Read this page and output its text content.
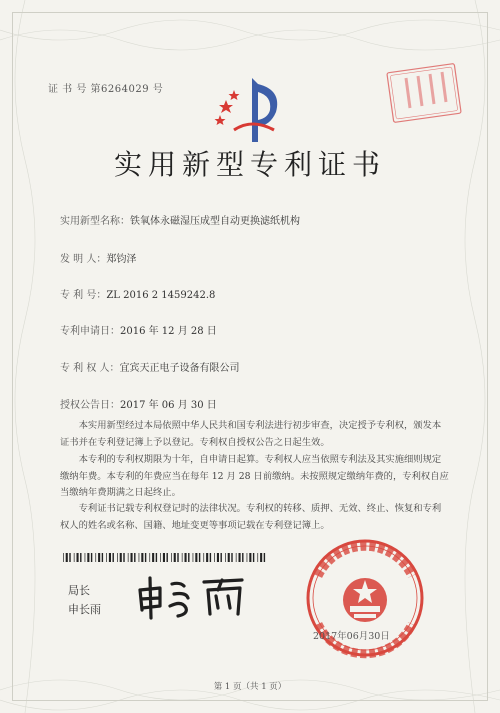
证 书 号 第6264029 号
实用新型专利证书
实用新型名称：铁氧体永磁湿压成型自动更换滤纸机构
发 明 人：郑钧泽
专 利 号：ZL 2016 2 1459242.8
专利申请日：2016 年 12 月 28 日
专 利 权 人：宜宾天正电子设备有限公司
授权公告日：2017 年 06 月 30 日
本实用新型经过本局依照中华人民共和国专利法进行初步审查，决定授予专利权，颁发本证书并在专利登记簿上予以登记。专利权自授权公告之日起生效。
本专利的专利权期限为十年，自申请日起算。专利权人应当依照专利法及其实施细则规定缴纳年费。本专利的年费应当在每年 12 月 28 日前缴纳。未按照规定缴纳年费的，专利权自应当缴纳年费期满之日起终止。
专利证书记载专利权登记时的法律状况。专利权的转移、质押、无效、终止、恢复和专利权人的姓名或名称、国籍、地址变更等事项记载在专利登记簿上。
局长
申长雨
2017年06月30日
第 1 页（共 1 页）
